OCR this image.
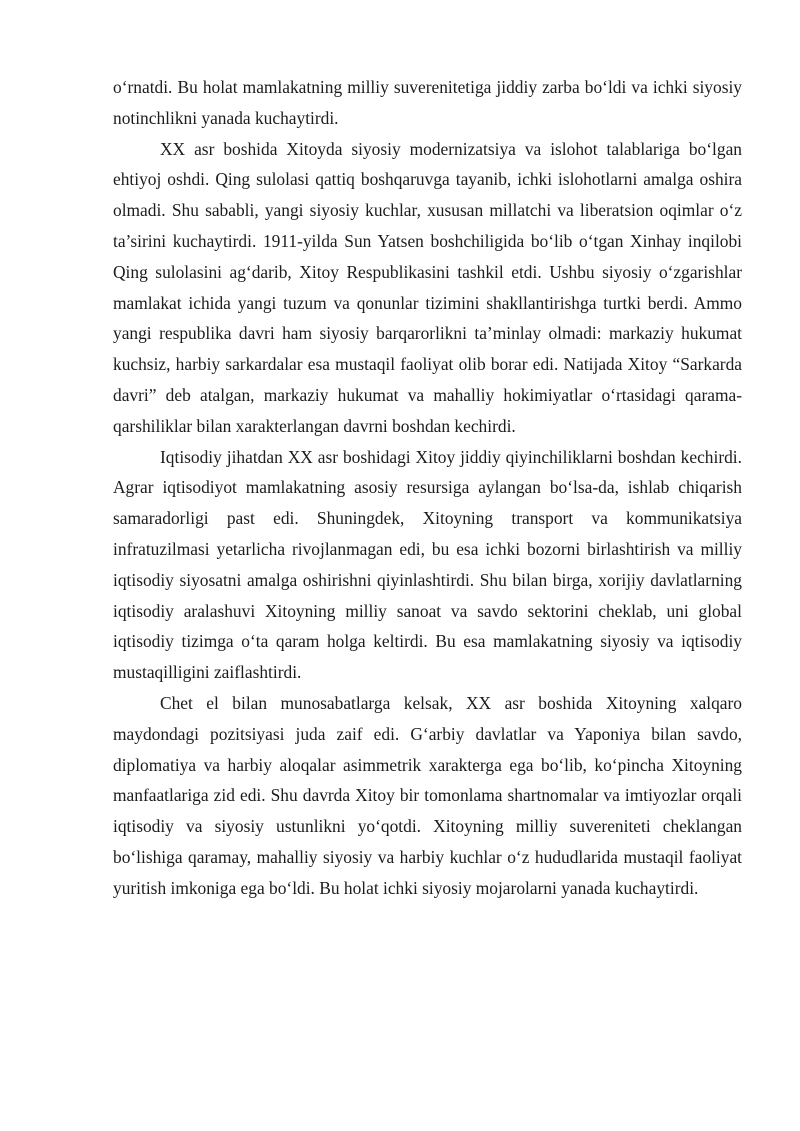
o‘rnatdi. Bu holat mamlakatning milliy suverenitetiga jiddiy zarba bo‘ldi va ichki siyosiy notinchlikni yanada kuchaytirdi.

XX asr boshida Xitoyda siyosiy modernizatsiya va islohot talablariga bo‘lgan ehtiyoj oshdi. Qing sulolasi qattiq boshqaruvga tayanib, ichki islohotlarni amalga oshira olmadi. Shu sababli, yangi siyosiy kuchlar, xususan millatchi va liberatsion oqimlar o‘z ta’sirini kuchaytirdi. 1911-yilda Sun Yatsen boshchiligida bo‘lib o‘tgan Xinhay inqilobi Qing sulolasini ag‘darib, Xitoy Respublikasini tashkil etdi. Ushbu siyosiy o‘zgarishlar mamlakat ichida yangi tuzum va qonunlar tizimini shakllantirishga turtki berdi. Ammo yangi respublika davri ham siyosiy barqarorlikni ta’minlay olmadi: markaziy hukumat kuchsiz, harbiy sarkardalar esa mustaqil faoliyat olib borar edi. Natijada Xitoy “Sarkarda davri” deb atalgan, markaziy hukumat va mahalliy hokimiyatlar o‘rtasidagi qarama-qarshiliklar bilan xarakterlangan davrni boshdan kechirdi.

Iqtisodiy jihatdan XX asr boshidagi Xitoy jiddiy qiyinchiliklarni boshdan kechirdi. Agrar iqtisodiyot mamlakatning asosiy resursiga aylangan bo‘lsa-da, ishlab chiqarish samaradorligi past edi. Shuningdek, Xitoyning transport va kommunikatsiya infratuzilmasi yetarlicha rivojlanmagan edi, bu esa ichki bozorni birlashtirish va milliy iqtisodiy siyosatni amalga oshirishni qiyinlashtirdi. Shu bilan birga, xorijiy davlatlarning iqtisodiy aralashuvi Xitoyning milliy sanoat va savdo sektorini cheklab, uni global iqtisodiy tizimga o‘ta qaram holga keltirdi. Bu esa mamlakatning siyosiy va iqtisodiy mustaqilligini zaiflashtirdi.

Chet el bilan munosabatlarga kelsak, XX asr boshida Xitoyning xalqaro maydondagi pozitsiyasi juda zaif edi. G‘arbiy davlatlar va Yaponiya bilan savdo, diplomatiya va harbiy aloqalar asimmetrik xarakterga ega bo‘lib, ko‘pincha Xitoyning manfaatlariga zid edi. Shu davrda Xitoy bir tomonlama shartnomalar va imtiyozlar orqali iqtisodiy va siyosiy ustunlikni yo‘qotdi. Xitoyning milliy suvereniteti cheklangan bo‘lishiga qaramay, mahalliy siyosiy va harbiy kuchlar o‘z hududlarida mustaqil faoliyat yuritish imkoniga ega bo‘ldi. Bu holat ichki siyosiy mojarolarni yanada kuchaytirdi.
